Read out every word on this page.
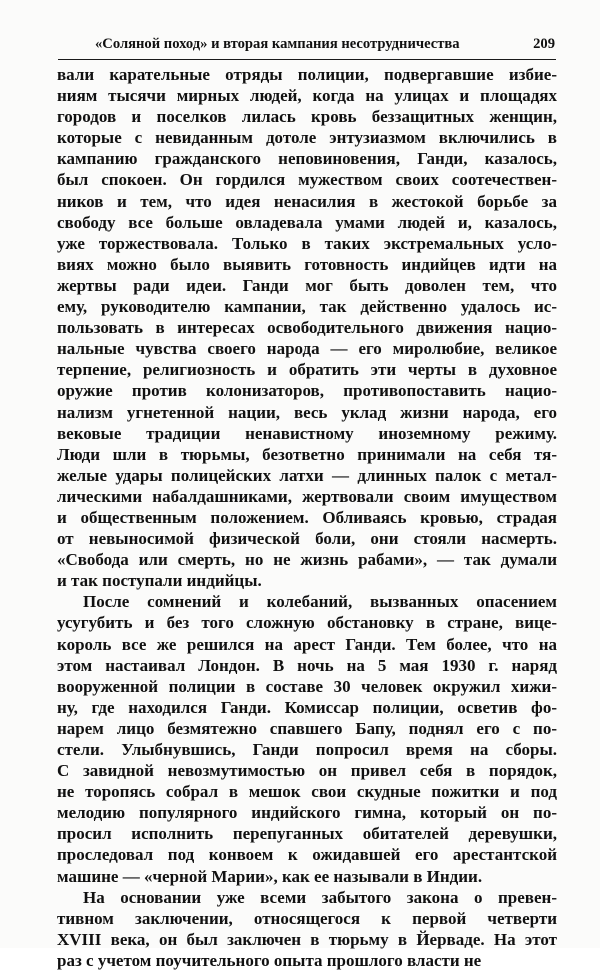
«Соляной поход» и вторая кампания несотрудничества	209
вали карательные отряды полиции, подвергавшие избие-
ниям тысячи мирных людей, когда на улицах и площадях
городов и поселков лилась кровь беззащитных женщин,
которые с невиданным дотоле энтузиазмом включились в
кампанию гражданского неповиновения, Ганди, казалось,
был спокоен. Он гордился мужеством своих соотечествен-
ников и тем, что идея ненасилия в жестокой борьбе за
свободу все больше овладевала умами людей и, казалось,
уже торжествовала. Только в таких экстремальных усло-
виях можно было выявить готовность индийцев идти на
жертвы ради идеи. Ганди мог быть доволен тем, что
ему, руководителю кампании, так действенно удалось ис-
пользовать в интересах освободительного движения нацио-
нальные чувства своего народа — его миролюбие, великое
терпение, религиозность и обратить эти черты в духовное
оружие против колонизаторов, противопоставить нацио-
нализм угнетенной нации, весь уклад жизни народа, его
вековые традиции ненавистному иноземному режиму.
Люди шли в тюрьмы, безответно принимали на себя тя-
желые удары полицейских латхи — длинных палок с метал-
лическими набалдашниками, жертвовали своим имуществом
и общественным положением. Обливаясь кровью, страдая
от невыносимой физической боли, они стояли насмерть.
«Свобода или смерть, но не жизнь рабами», — так думали
и так поступали индийцы.
После сомнений и колебаний, вызванных опасением
усугубить и без того сложную обстановку в стране, вице-
король все же решился на арест Ганди. Тем более, что на
этом настаивал Лондон. В ночь на 5 мая 1930 г. наряд
вооруженной полиции в составе 30 человек окружил хижи-
ну, где находился Ганди. Комиссар полиции, осветив фо-
нарем лицо безмятежно спавшего Бапу, поднял его с по-
стели. Улыбнувшись, Ганди попросил время на сборы.
С завидной невозмутимостью он привел себя в порядок,
не торопясь собрал в мешок свои скудные пожитки и под
мелодию популярного индийского гимна, который он по-
просил исполнить перепуганных обитателей деревушки,
проследовал под конвоем к ожидавшей его арестантской
машине — «черной Марии», как ее называли в Индии.
На основании уже всеми забытого закона о превен-
тивном заключении, относящегося к первой четверти
XVIII века, он был заключен в тюрьму в Йерваде. На этот
раз с учетом поучительного опыта прошлого власти не
